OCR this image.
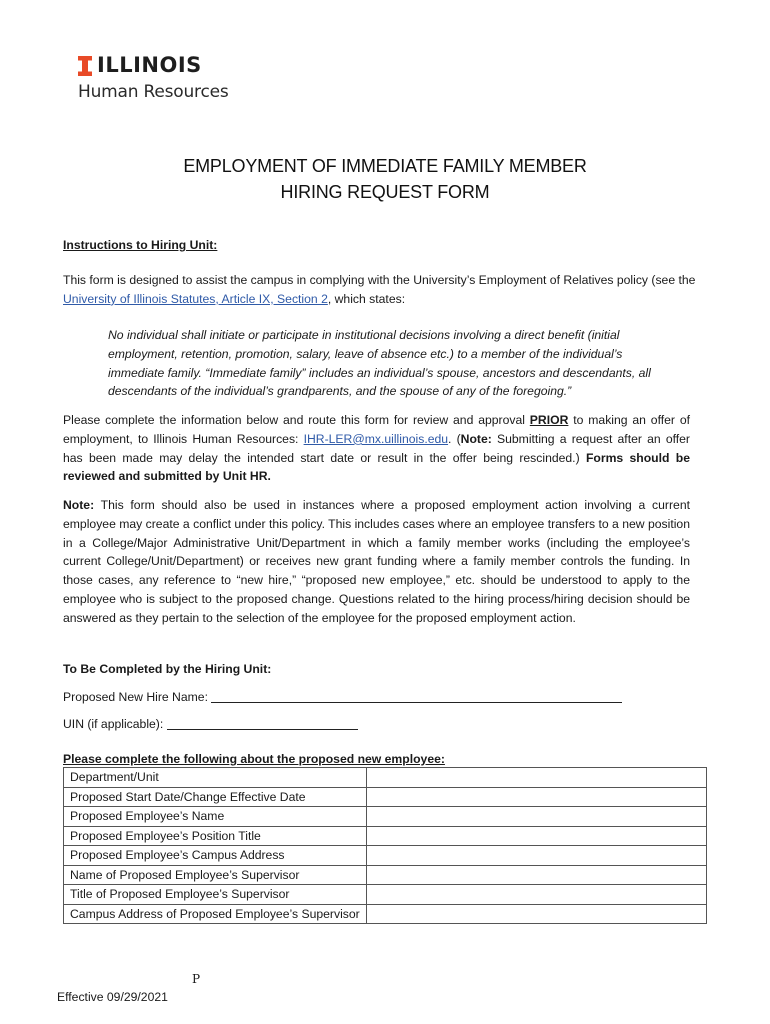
ILLINOIS
Human Resources
EMPLOYMENT OF IMMEDIATE FAMILY MEMBER
HIRING REQUEST FORM
Instructions to Hiring Unit:
This form is designed to assist the campus in complying with the University’s Employment of Relatives policy (see the University of Illinois Statutes, Article IX, Section 2, which states:
No individual shall initiate or participate in institutional decisions involving a direct benefit (initial employment, retention, promotion, salary, leave of absence etc.) to a member of the individual’s immediate family. “Immediate family” includes an individual’s spouse, ancestors and descendants, all descendants of the individual’s grandparents, and the spouse of any of the foregoing.”
Please complete the information below and route this form for review and approval PRIOR to making an offer of employment, to Illinois Human Resources: IHR-LER@mx.uillinois.edu. (Note: Submitting a request after an offer has been made may delay the intended start date or result in the offer being rescinded.) Forms should be reviewed and submitted by Unit HR.
Note: This form should also be used in instances where a proposed employment action involving a current employee may create a conflict under this policy. This includes cases where an employee transfers to a new position in a College/Major Administrative Unit/Department in which a family member works (including the employee’s current College/Unit/Department) or receives new grant funding where a family member controls the funding. In those cases, any reference to “new hire,” “proposed new employee,” etc. should be understood to apply to the employee who is subject to the proposed change. Questions related to the hiring process/hiring decision should be answered as they pertain to the selection of the employee for the proposed employment action.
To Be Completed by the Hiring Unit:
Proposed New Hire Name:
UIN (if applicable):
Please complete the following about the proposed new employee:
Department/Unit	
Proposed Start Date/Change Effective Date	
Proposed Employee’s Name	
Proposed Employee’s Position Title	
Proposed Employee’s Campus Address	
Name of Proposed Employee’s Supervisor	
Title of Proposed Employee’s Supervisor	
Campus Address of Proposed Employee’s Supervisor	
P
Effective 09/29/2021
